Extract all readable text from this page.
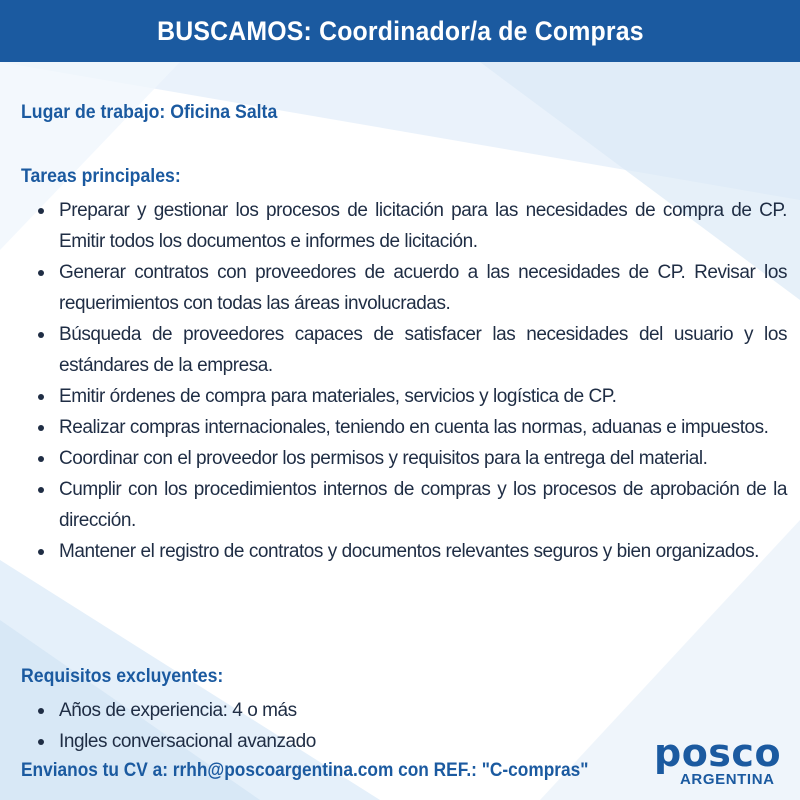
BUSCAMOS: Coordinador/a de Compras
Lugar de trabajo: Oficina Salta
Tareas principales:
Preparar y gestionar los procesos de licitación para las necesidades de compra de CP. Emitir todos los documentos e informes de licitación.
Generar contratos con proveedores de acuerdo a las necesidades de CP. Revisar los requerimientos con todas las áreas involucradas.
Búsqueda de proveedores capaces de satisfacer las necesidades del usuario y los estándares de la empresa.
Emitir órdenes de compra para materiales, servicios y logística de CP.
Realizar compras internacionales, teniendo en cuenta las normas, aduanas e impuestos.
Coordinar con el proveedor los permisos y requisitos para la entrega del material.
Cumplir con los procedimientos internos de compras y los procesos de aprobación de la dirección.
Mantener el registro de contratos y documentos relevantes seguros y bien organizados.
Requisitos excluyentes:
Años de experiencia: 4 o más
Ingles conversacional avanzado
Envianos tu CV a: rrhh@poscoargentina.com con REF.: "C-compras" posco
ARGENTINA
